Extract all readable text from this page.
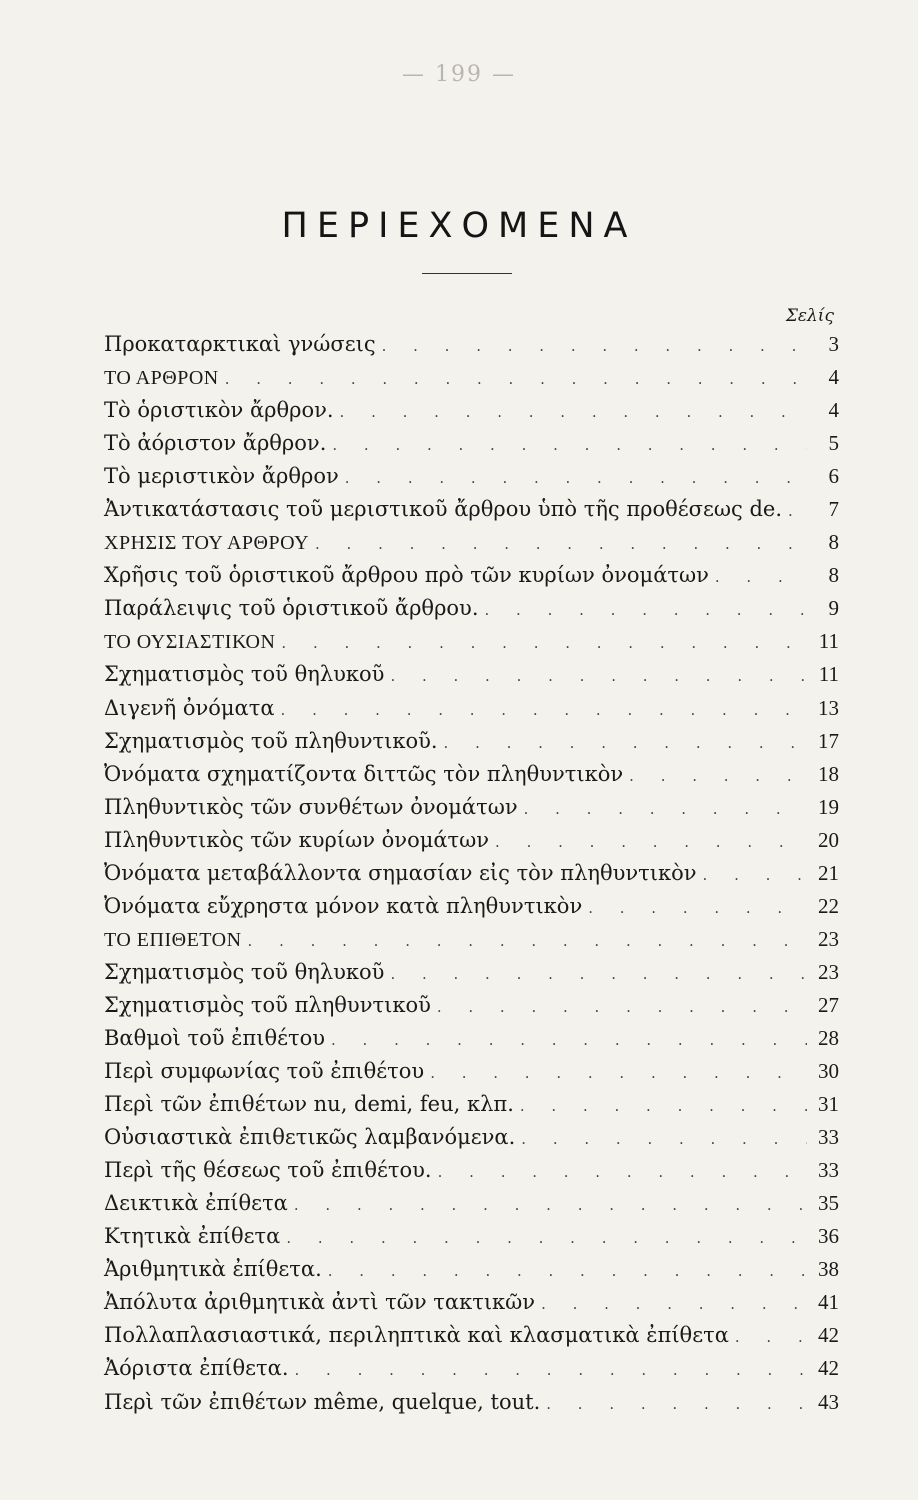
— 199 —
ΠΕΡΙΕΧΟΜΕΝΑ
Σελίς
Προκαταρκτικαὶ γνώσεις . . .	3
ΤΟ ΑΡΘΡΟΝ . . .	4
Τὸ ὁριστικὸν ἄρθρον. . . .	4
Τὸ ἀόριστον ἄρθρον. . . .	5
Τὸ μεριστικὸν ἄρθρον . . .	6
Ἀντικατάστασις τοῦ μεριστικοῦ ἄρθρου ὑπὸ τῆς προθέσεως de. . . .	7
ΧΡΗΣΙΣ ΤΟΥ ΑΡΘΡΟΥ . . .	8
Χρῆσις τοῦ ὁριστικοῦ ἄρθρου πρὸ τῶν κυρίων ὀνομάτων . . .	8
Παράλειψις τοῦ ὁριστικοῦ ἄρθρου. . . .	9
ΤΟ ΟΥΣΙΑΣΤΙΚΟΝ . . .	11
Σχηματισμὸς τοῦ θηλυκοῦ . . .	11
Διγενῆ ὀνόματα . . .	13
Σχηματισμὸς τοῦ πληθυντικοῦ. . . .	17
Ὀνόματα σχηματίζοντα διττῶς τὸν πληθυντικὸν . . .	18
Πληθυντικὸς τῶν συνθέτων ὀνομάτων . . .	19
Πληθυντικὸς τῶν κυρίων ὀνομάτων . . .	20
Ὀνόματα μεταβάλλοντα σημασίαν εἰς τὸν πληθυντικὸν . . .	21
Ὀνόματα εὔχρηστα μόνον κατὰ πληθυντικὸν . . .	22
ΤΟ ΕΠΙΘΕΤΟΝ . . .	23
Σχηματισμὸς τοῦ θηλυκοῦ . . .	23
Σχηματισμὸς τοῦ πληθυντικοῦ . . .	27
Βαθμοὶ τοῦ ἐπιθέτου . . .	28
Περὶ συμφωνίας τοῦ ἐπιθέτου . . .	30
Περὶ τῶν ἐπιθέτων nu, demi, feu, κλπ. . . .	31
Οὐσιαστικὰ ἐπιθετικῶς λαμβανόμενα. . . .	33
Περὶ τῆς θέσεως τοῦ ἐπιθέτου. . . .	33
Δεικτικὰ ἐπίθετα . . .	35
Κτητικὰ ἐπίθετα . . .	36
Ἀριθμητικὰ ἐπίθετα. . . .	38
Ἀπόλυτα ἀριθμητικὰ ἀντὶ τῶν τακτικῶν . . .	41
Πολλαπλασιαστικά, περιληπτικὰ καὶ κλασματικὰ ἐπίθετα . . .	42
Ἀόριστα ἐπίθετα. . . .	42
Περὶ τῶν ἐπιθέτων même, quelque, tout. . . .	43
